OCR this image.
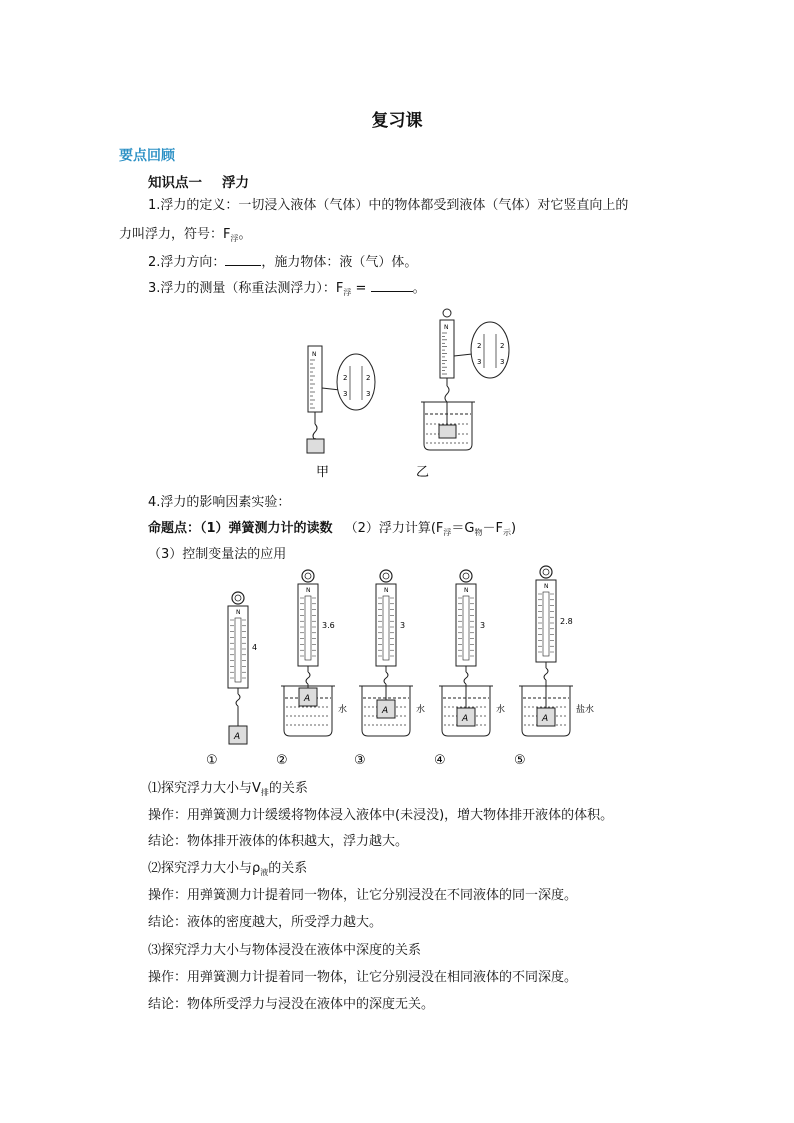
复习课
要点回顾
知识点一 浮力
1.浮力的定义：一切浸入液体（气体）中的物体都受到液体（气体）对它竖直向上的
力叫浮力，符号：$F_浮$。
2.浮力方向：	，施力物体：液（气）体。
3.浮力的测量（称重法测浮力）：$F_浮$ =	。
N
2	2
3	3
N
2	2
3	3
甲	乙
4.浮力的影响因素实验：
命题点：（1）弹簧测力计的读数 （2）浮力计算$(F_浮=G_物-F_示)$
（3）控制变量法的应用
N
4
A
①
N
3.6
A
水
②
N
3
A	水
③
N
3
A
水
④
N
2.8
A
盐水
⑤
⑴探究浮力大小与$V_排$的关系
操作：用弹簧测力计缓缓将物体浸入液体中(未浸没)，增大物体排开液体的体积。
结论：物体排开液体的体积越大，浮力越大。
⑵探究浮力大小与$\rho_液$的关系
操作：用弹簧测力计提着同一物体，让它分别浸没在不同液体的同一深度。
结论：液体的密度越大，所受浮力越大。
⑶探究浮力大小与物体浸没在液体中深度的关系
操作：用弹簧测力计提着同一物体，让它分别浸没在相同液体的不同深度。
结论：物体所受浮力与浸没在液体中的深度无关。
